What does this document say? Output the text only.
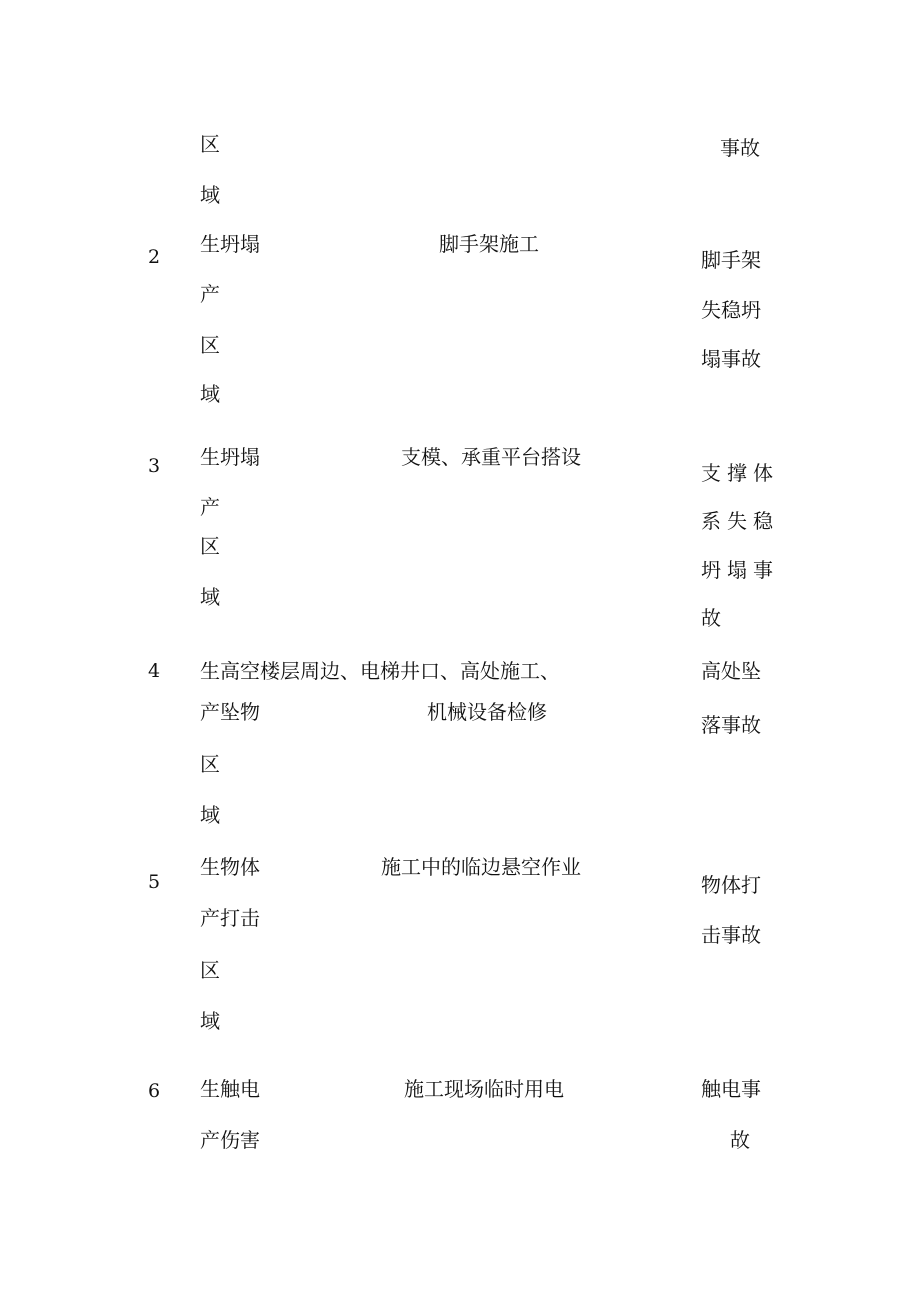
区
域
事故
2
生坍塌
产
区
域
脚手架施工
脚手架
失稳坍
塌事故
3 生坍塌
产
区
域
支模、承重平台搭设
支撑体
系失稳
坍塌事
故
4 生高空楼层周边、电梯井口、高处施工、
产坠物
区
域
机械设备检修
高处坠
落事故
5
生物体
产打击
区
域
施工中的临边悬空作业
物体打
击事故
6 生触电
产伤害
施工现场临时用电	触电事
故
